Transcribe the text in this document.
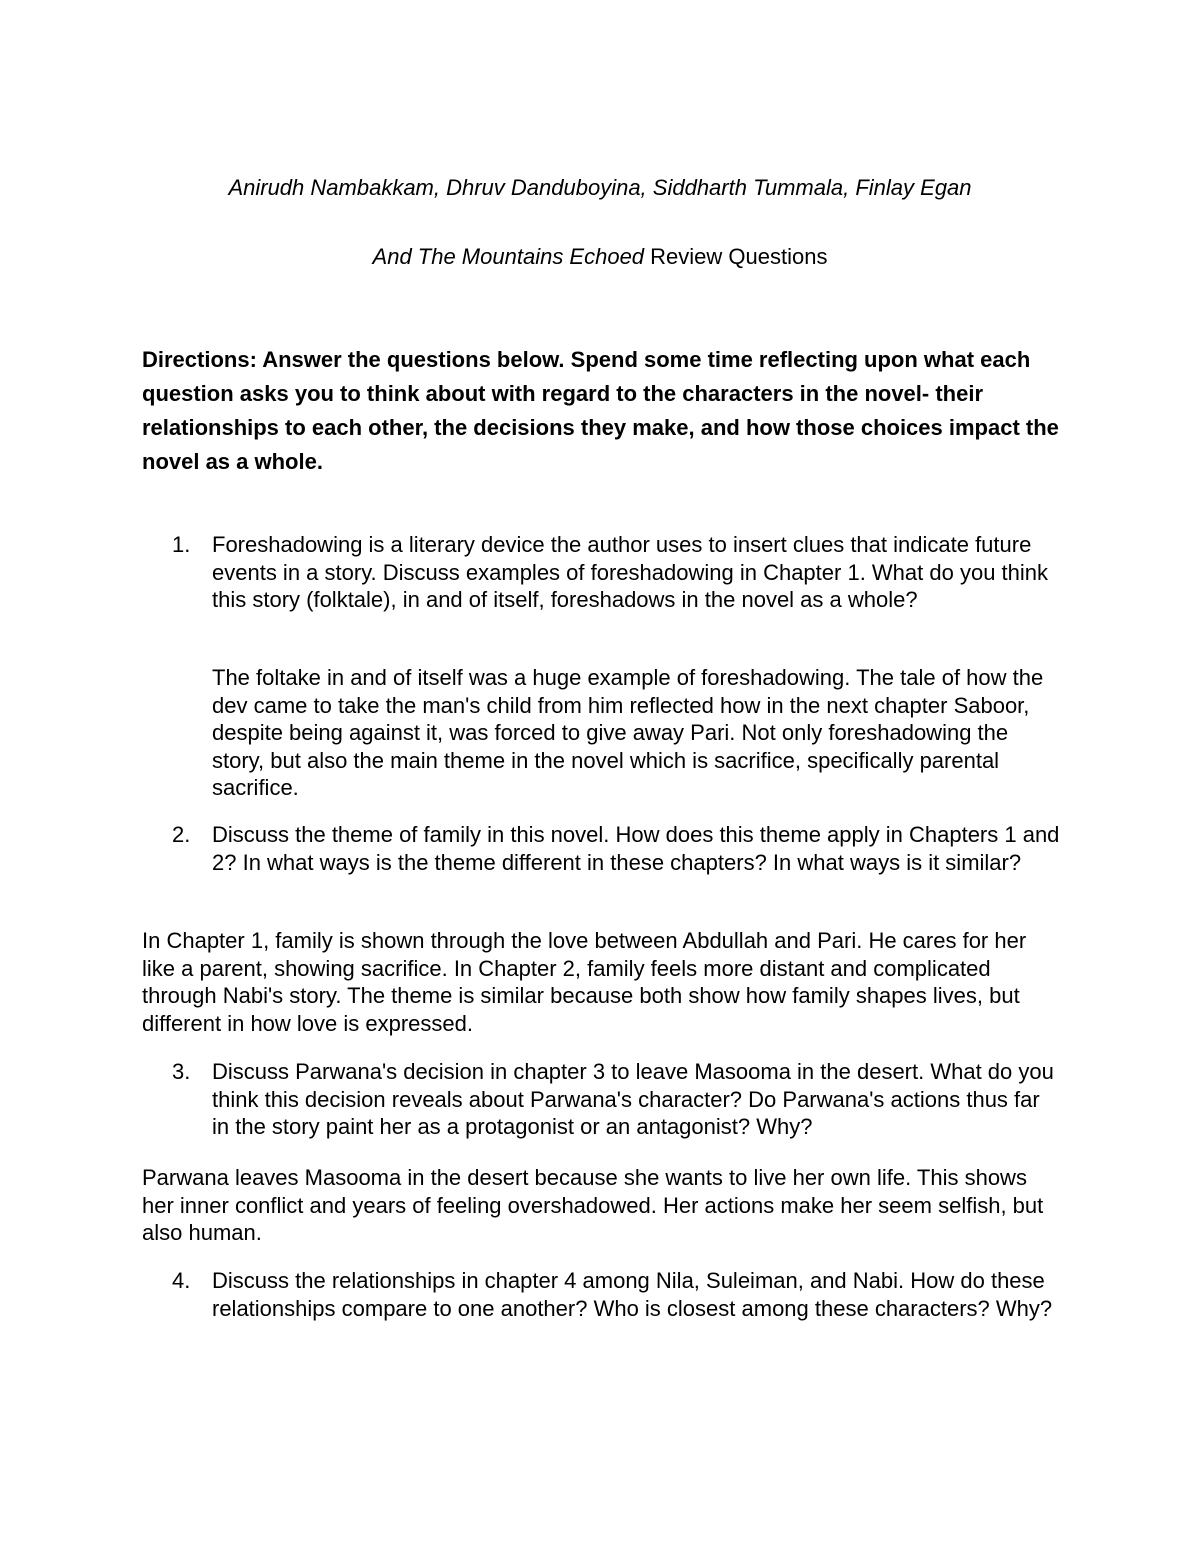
Anirudh Nambakkam, Dhruv Danduboyina, Siddharth Tummala, Finlay Egan
And The Mountains Echoed Review Questions

Directions: Answer the questions below. Spend some time reflecting upon what each question asks you to think about with regard to the characters in the novel- their relationships to each other, the decisions they make, and how those choices impact the novel as a whole.

1. Foreshadowing is a literary device the author uses to insert clues that indicate future events in a story. Discuss examples of foreshadowing in Chapter 1. What do you think this story (folktale), in and of itself, foreshadows in the novel as a whole?
The foltake in and of itself was a huge example of foreshadowing. The tale of how the dev came to take the man's child from him reflected how in the next chapter Saboor, despite being against it, was forced to give away Pari. Not only foreshadowing the story, but also the main theme in the novel which is sacrifice, specifically parental sacrifice.
2. Discuss the theme of family in this novel. How does this theme apply in Chapters 1 and 2? In what ways is the theme different in these chapters? In what ways is it similar?
In Chapter 1, family is shown through the love between Abdullah and Pari. He cares for her like a parent, showing sacrifice. In Chapter 2, family feels more distant and complicated through Nabi's story. The theme is similar because both show how family shapes lives, but different in how love is expressed.
3. Discuss Parwana's decision in chapter 3 to leave Masooma in the desert. What do you think this decision reveals about Parwana's character? Do Parwana's actions thus far in the story paint her as a protagonist or an antagonist? Why?
Parwana leaves Masooma in the desert because she wants to live her own life. This shows her inner conflict and years of feeling overshadowed. Her actions make her seem selfish, but also human.
4. Discuss the relationships in chapter 4 among Nila, Suleiman, and Nabi. How do these relationships compare to one another? Who is closest among these characters? Why?
